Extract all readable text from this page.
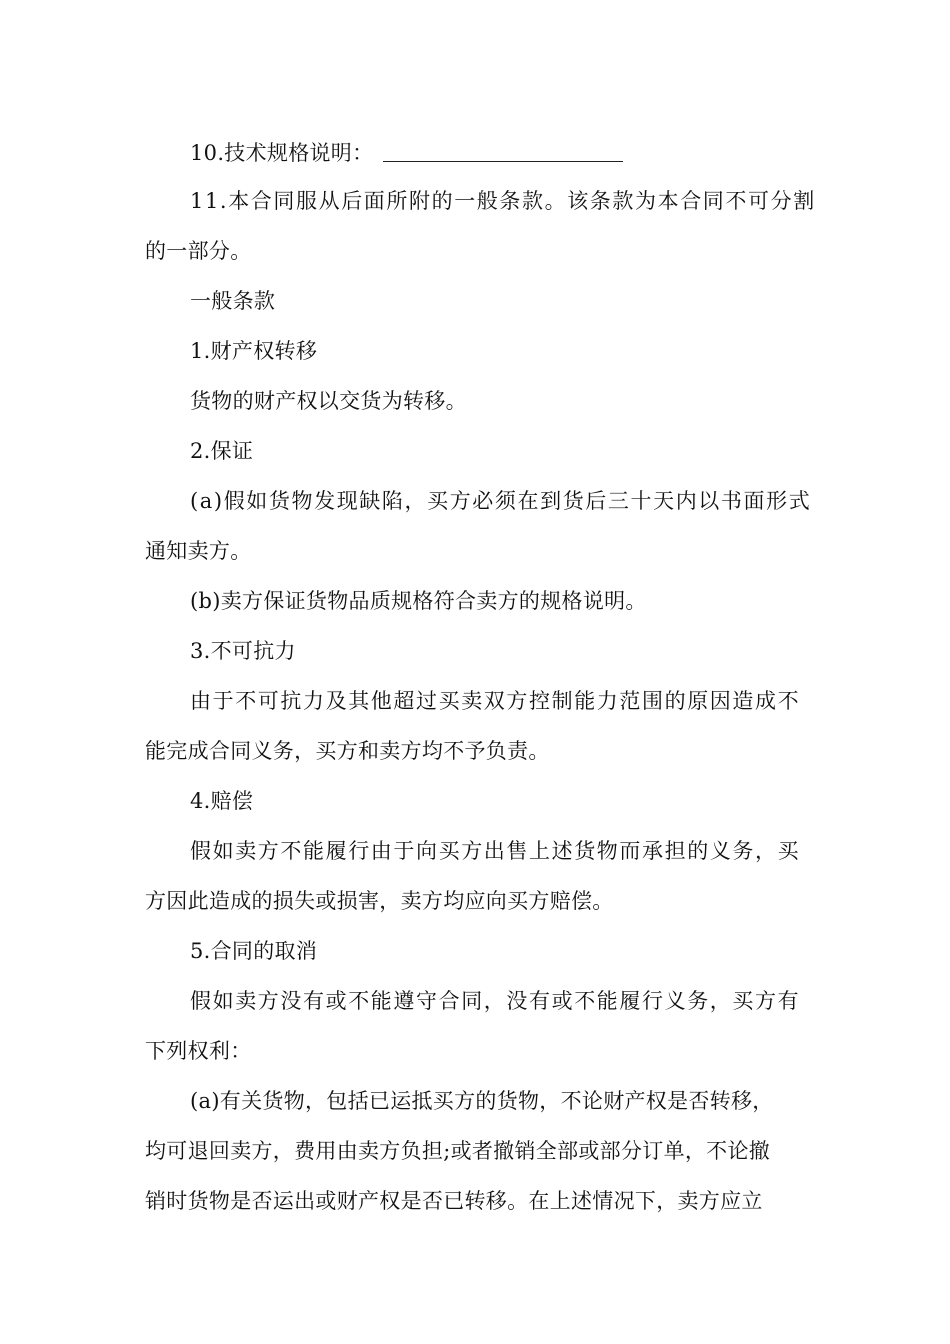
10.技术规格说明：
11.本合同服从后面所附的一般条款。该条款为本合同不可分割
的一部分。
一般条款
1.财产权转移
货物的财产权以交货为转移。
2.保证
(a)假如货物发现缺陷，买方必须在到货后三十天内以书面形式
通知卖方。
(b)卖方保证货物品质规格符合卖方的规格说明。
3.不可抗力
由于不可抗力及其他超过买卖双方控制能力范围的原因造成不
能完成合同义务，买方和卖方均不予负责。
4.赔偿
假如卖方不能履行由于向买方出售上述货物而承担的义务，买
方因此造成的损失或损害，卖方均应向买方赔偿。
5.合同的取消
假如卖方没有或不能遵守合同，没有或不能履行义务，买方有
下列权利：
(a)有关货物，包括已运抵买方的货物，不论财产权是否转移，
均可退回卖方，费用由卖方负担;或者撤销全部或部分订单，不论撤
销时货物是否运出或财产权是否已转移。在上述情况下，卖方应立
